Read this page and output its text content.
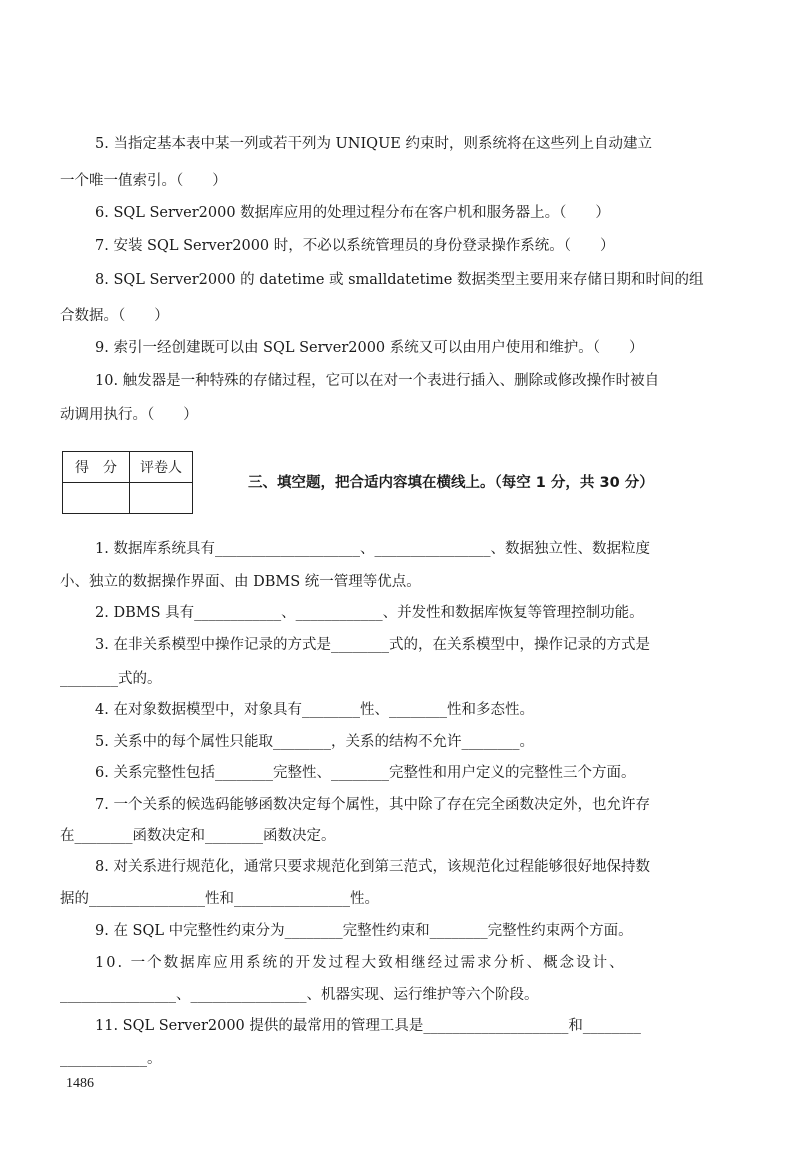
5. 当指定基本表中某一列或若干列为 UNIQUE 约束时，则系统将在这些列上自动建立
一个唯一值索引。（　　）
6. SQL Server2000 数据库应用的处理过程分布在客户机和服务器上。（　　）
7. 安装 SQL Server2000 时，不必以系统管理员的身份登录操作系统。（　　）
8. SQL Server2000 的 datetime 或 smalldatetime 数据类型主要用来存储日期和时间的组
合数据。（　　）
9. 索引一经创建既可以由 SQL Server2000 系统又可以由用户使用和维护。（　　）
10. 触发器是一种特殊的存储过程，它可以在对一个表进行插入、删除或修改操作时被自
动调用执行。（　　）
得　分	评卷人

三、填空题，把合适内容填在横线上。（每空 1 分，共 30 分）
1. 数据库系统具有____________________、________________、数据独立性、数据粒度
小、独立的数据操作界面、由 DBMS 统一管理等优点。
2. DBMS 具有____________、____________、并发性和数据库恢复等管理控制功能。
3. 在非关系模型中操作记录的方式是________式的，在关系模型中，操作记录的方式是
________式的。
4. 在对象数据模型中，对象具有________性、________性和多态性。
5. 关系中的每个属性只能取________，关系的结构不允许________。
6. 关系完整性包括________完整性、________完整性和用户定义的完整性三个方面。
7. 一个关系的候选码能够函数决定每个属性，其中除了存在完全函数决定外，也允许存
在________函数决定和________函数决定。
8. 对关系进行规范化，通常只要求规范化到第三范式，该规范化过程能够很好地保持数
据的________________性和________________性。
9. 在 SQL 中完整性约束分为________完整性约束和________完整性约束两个方面。
10. 一个数据库应用系统的开发过程大致相继经过需求分析、概念设计、
________________、________________、机器实现、运行维护等六个阶段。
11. SQL Server2000 提供的最常用的管理工具是____________________和________
____________。
1486
